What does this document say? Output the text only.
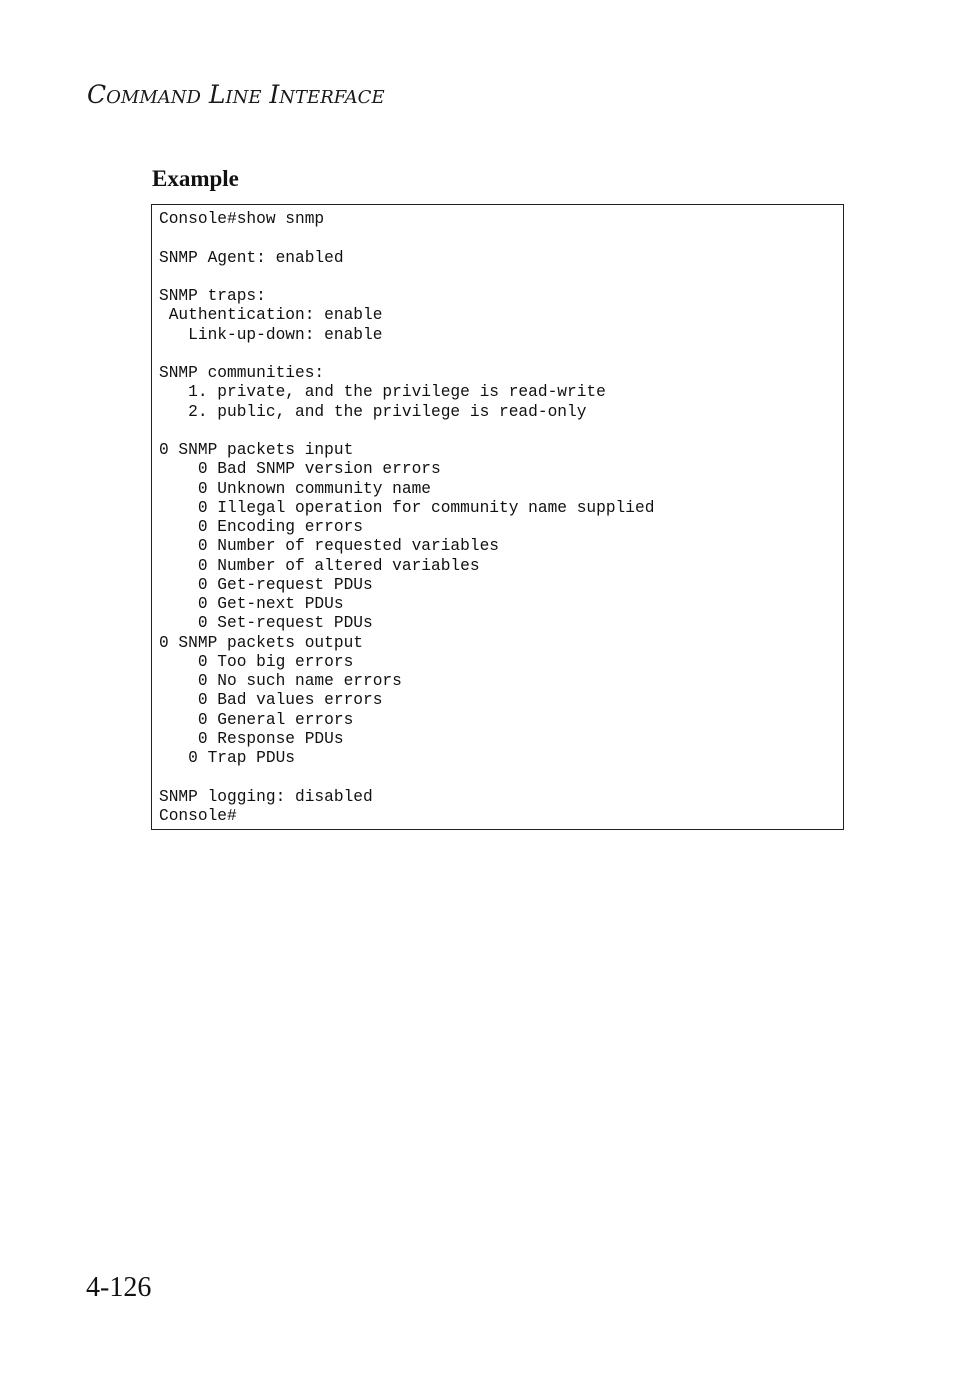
Command Line Interface
Example
Console#show snmp
SNMP Agent: enabled
SNMP traps:
Authentication: enable
Link-up-down: enable
SNMP communities:
1. private, and the privilege is read-write
2. public, and the privilege is read-only
0 SNMP packets input
0 Bad SNMP version errors
0 Unknown community name
0 Illegal operation for community name supplied
0 Encoding errors
0 Number of requested variables
0 Number of altered variables
0 Get-request PDUs
0 Get-next PDUs
0 Set-request PDUs
0 SNMP packets output
0 Too big errors
0 No such name errors
0 Bad values errors
0 General errors
0 Response PDUs
0 Trap PDUs
SNMP logging: disabled
Console#
4-126
